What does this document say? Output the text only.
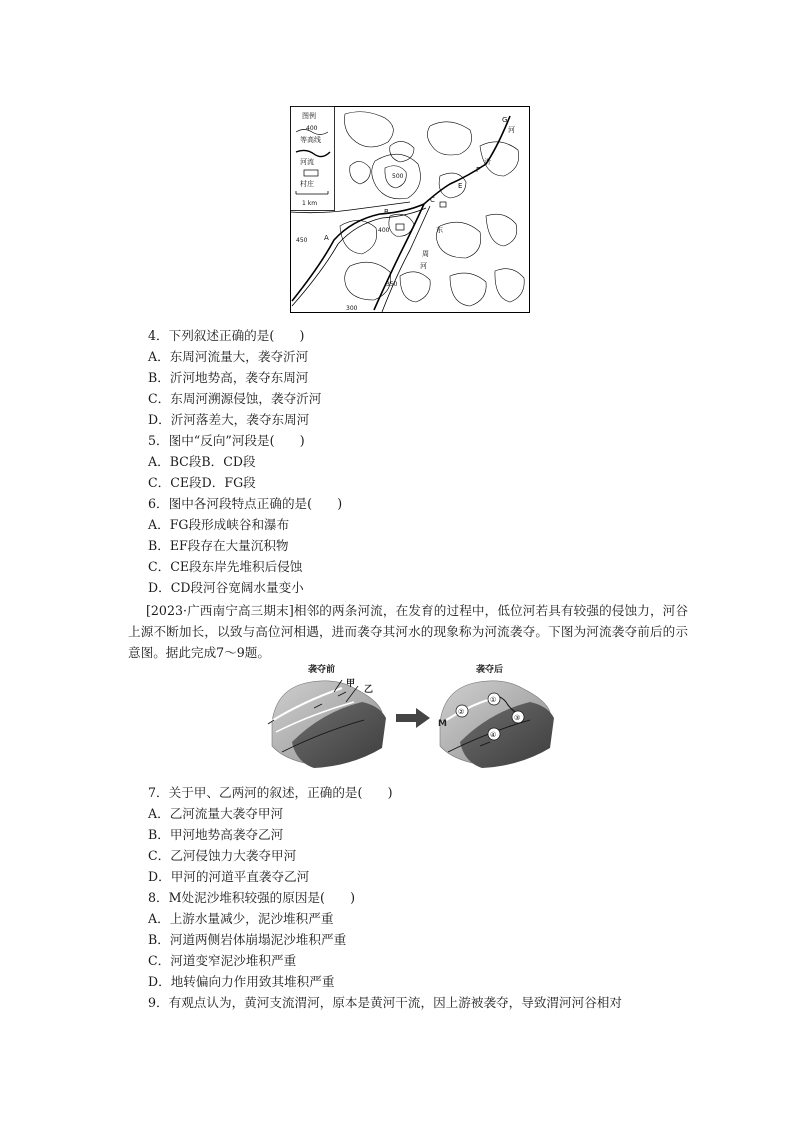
图例
400
等高线
河流
村庄
1 km
A
B
C
E
F
G
东
周
河
沂
河
400
450
500
350
300
4．下列叙述正确的是(　　)
A．东周河流量大，袭夺沂河
B．沂河地势高，袭夺东周河
C．东周河溯源侵蚀，袭夺沂河
D．沂河落差大，袭夺东周河
5．图中“反向”河段是(　　)
A．BC段B．CD段
C．CE段D．FG段
6．图中各河段特点正确的是(　　)
A．FG段形成峡谷和瀑布
B．EF段存在大量沉积物
C．CE段东岸先堆积后侵蚀
D．CD段河谷宽阔水量变小
[2023·广西南宁高三期末]相邻的两条河流，在发育的过程中，低位河若具有较强的侵蚀力，河谷上源不断加长，以致与高位河相遇，进而袭夺其河水的现象称为河流袭夺。下图为河流袭夺前后的示意图。据此完成7～9题。
袭夺前
甲
乙
袭夺后
M
①
②
③
④
7．关于甲、乙两河的叙述，正确的是(　　)
A．乙河流量大袭夺甲河
B．甲河地势高袭夺乙河
C．乙河侵蚀力大袭夺甲河
D．甲河的河道平直袭夺乙河
8．M处泥沙堆积较强的原因是(　　)
A．上游水量减少，泥沙堆积严重
B．河道两侧岩体崩塌泥沙堆积严重
C．河道变窄泥沙堆积严重
D．地转偏向力作用致其堆积严重
9．有观点认为，黄河支流渭河，原本是黄河干流，因上游被袭夺，导致渭河河谷相对
